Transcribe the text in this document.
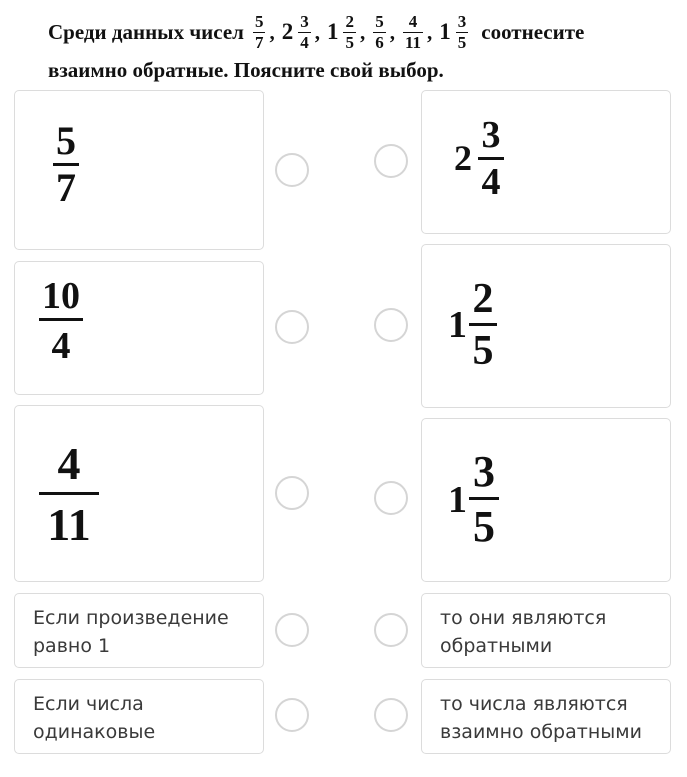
Среди данных чисел $\frac{5}{7}$ , $2 \frac{3}{4}$ , $1 \frac{2}{5}$ , $\frac{5}{6}$ , $\frac{4}{11}$ , $1 \frac{3}{5}$ соотнесите
взаимно обратные. Поясните свой выбор.
$\frac{5}{7}$
$\frac{10}{4}$
$\frac{4}{11}$
Если произведение равно 1
Если числа одинаковые
$2 \frac{3}{4}$
$1 \frac{2}{5}$
$1 \frac{3}{5}$
то они являются обратными
то числа являются взаимно обратными
